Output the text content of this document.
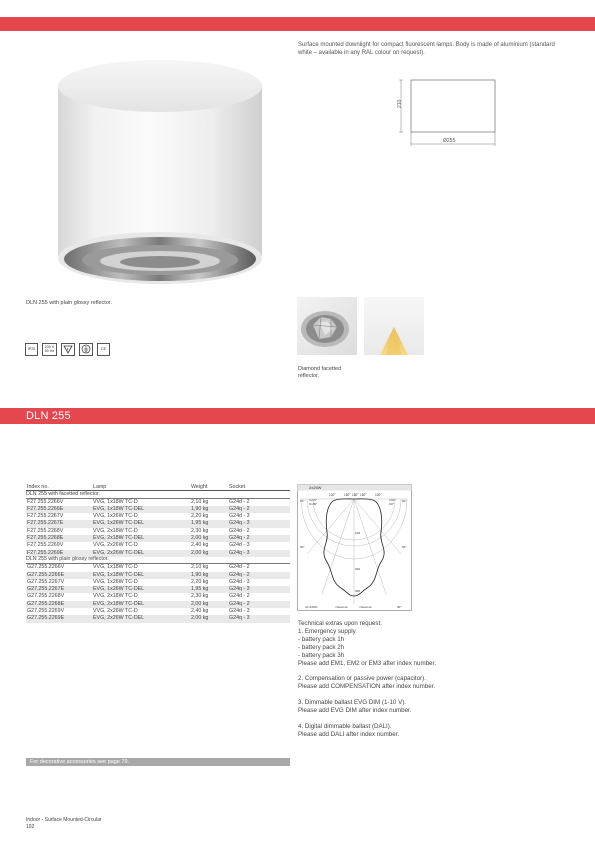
Surface mounted downlight for compact fluorescent lamps. Body is made of aluminium (standard white – available in any RAL colour on request).
210
Ø255
DLN 255 with plain glossy reflector.
IP20	230 V 50 Hz	F	CE
Diamond facetted reflector.
DLN 255
Index no.	Lamp	Weight	Socket
DLN 255 with facetted reflector.
F27.255.2266V	VVG, 1x18W TC-D	2,10 kg	G24d - 2
F27.255.2266E	EVG, 1x18W TC-DEL	1,90 kg	G24q - 2
F27.255.2267V	VVG, 1x26W TC-D	2,20 kg	G24d - 3
F27.255.2267E	EVG, 1x26W TC-DEL	1,95 kg	G24q - 3
F27.255.2268V	VVG, 2x18W TC-D	2,30 kg	G24d - 2
F27.255.2268E	EVG, 2x18W TC-DEL	2,00 kg	G24q - 2
F27.255.2269V	VVG, 2x26W TC-D	2,40 kg	G24d - 3
F27.255.2269E	EVG, 2x26W TC-DEL	2,00 kg	G24q - 3
DLN 255 with plain glossy reflector.
G27.255.2266V	VVG, 1x18W TC-D	2,10 kg	G24d - 2
G27.255.2266E	EVG, 1x18W TC-DEL	1,90 kg	G24q - 2
G27.255.2267V	VVG, 1x26W TC-D	2,20 kg	G24d - 3
G27.255.2267E	EVG, 1x26W TC-DEL	1,95 kg	G24q - 3
G27.255.2268V	VVG, 2x18W TC-D	2,30 kg	G24d - 2
G27.255.2268E	EVG, 2x18W TC-DEL	2,00 kg	G24q - 2
G27.255.2269V	VVG, 2x26W TC-D	2,40 kg	G24d - 3
G27.255.2269E	EVG, 2x26W TC-DEL	2,00 kg	G24q - 3
2x26W
120°	150° 180° 150°	120°
C270°
C180°
C90°
C0°
90°	90°
60°	60°
100
200
300
ηc=100%	=Gamma	=Gamma	30°
Technical extras upon request:
1. Emergency supply
- battery pack 1h
- battery pack 2h
- battery pack 3h
Please add EM1, EM2 or EM3 after index number.
2. Compensation or passive power (capacitor).
Please add COMPENSATION after index number.
3. Dimmable ballast EVG DIM (1-10 V).
Please add EVG DIM after index number.
4. Digital dimmable ballast (DALI).
Please add DALI after index number.
For decorative accessories see page 79.
Indoor - Surface Mounted-Circular
192
